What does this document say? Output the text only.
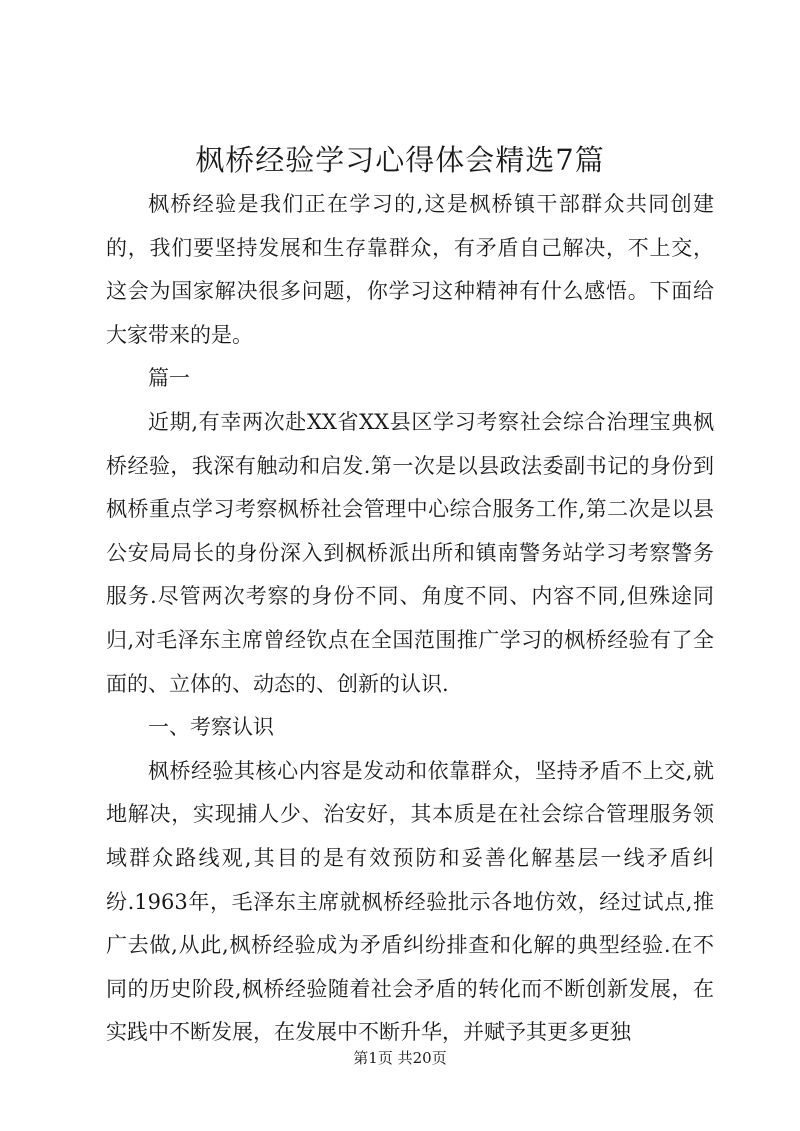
枫桥经验学习心得体会精选7篇

枫桥经验是我们正在学习的,这是枫桥镇干部群众共同创建的，我们要坚持发展和生存靠群众，有矛盾自己解决，不上交，这会为国家解决很多问题，你学习这种精神有什么感悟。下面给大家带来的是。

篇一

近期,有幸两次赴XX省XX县区学习考察社会综合治理宝典枫桥经验，我深有触动和启发.第一次是以县政法委副书记的身份到枫桥重点学习考察枫桥社会管理中心综合服务工作,第二次是以县公安局局长的身份深入到枫桥派出所和镇南警务站学习考察警务服务.尽管两次考察的身份不同、角度不同、内容不同,但殊途同归,对毛泽东主席曾经钦点在全国范围推广学习的枫桥经验有了全面的、立体的、动态的、创新的认识.

一、考察认识

枫桥经验其核心内容是发动和依靠群众，坚持矛盾不上交,就地解决，实现捕人少、治安好，其本质是在社会综合管理服务领域群众路线观,其目的是有效预防和妥善化解基层一线矛盾纠纷.1963年，毛泽东主席就枫桥经验批示各地仿效，经过试点,推广去做,从此,枫桥经验成为矛盾纠纷排查和化解的典型经验.在不同的历史阶段,枫桥经验随着社会矛盾的转化而不断创新发展，在实践中不断发展，在发展中不断升华，并赋予其更多更独

第1页 共20页
